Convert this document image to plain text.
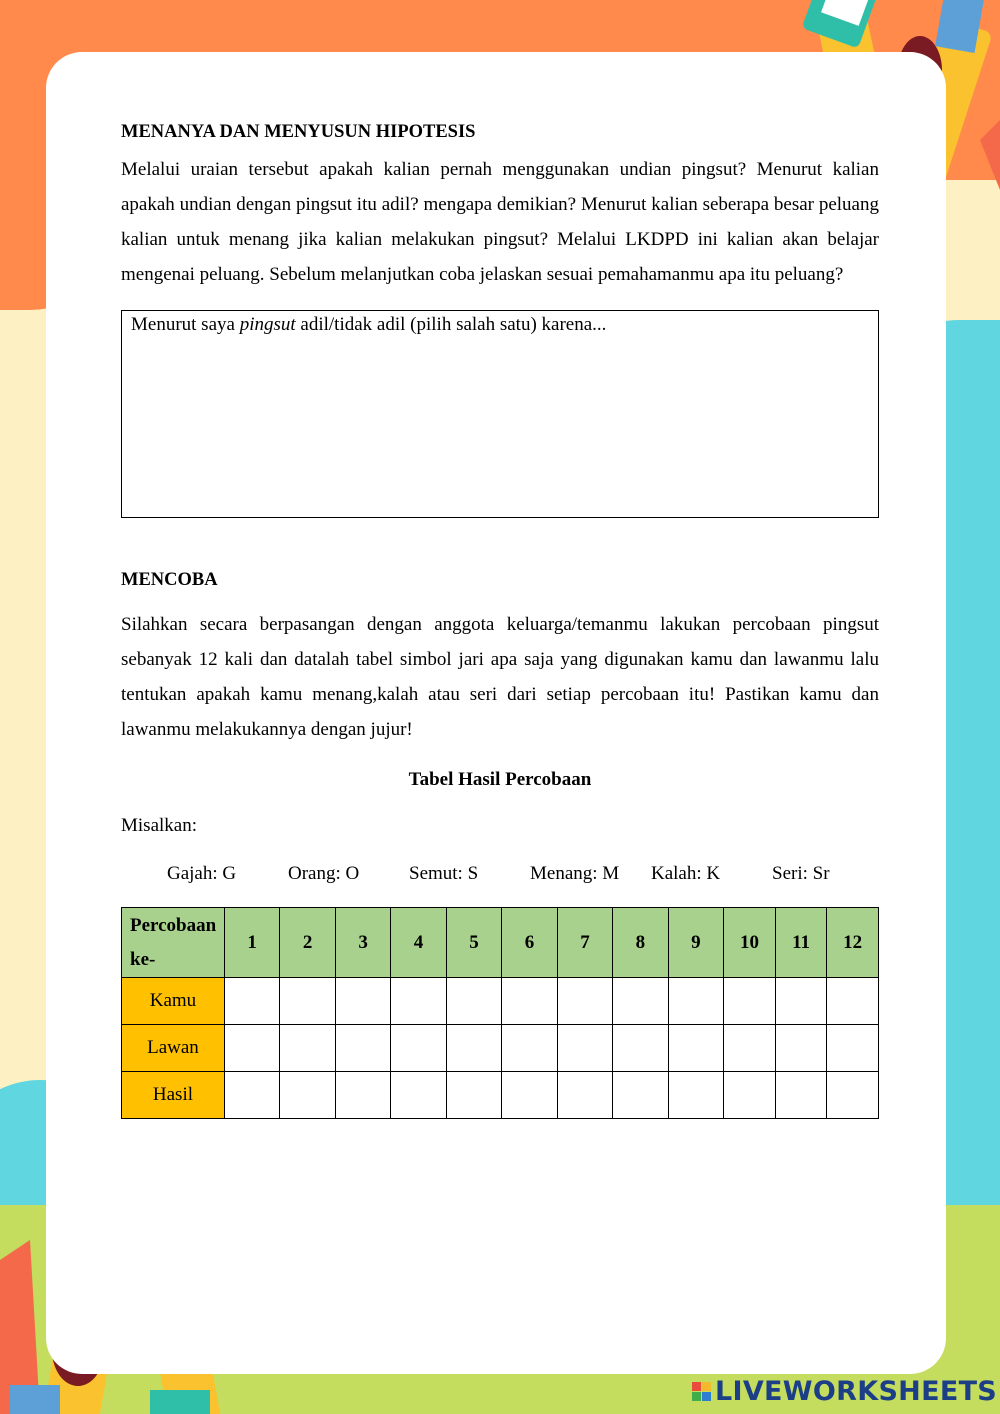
MENANYA DAN MENYUSUN HIPOTESIS

Melalui uraian tersebut apakah kalian pernah menggunakan undian pingsut? Menurut kalian apakah undian dengan pingsut itu adil? mengapa demikian? Menurut kalian seberapa besar peluang kalian untuk menang jika kalian melakukan pingsut? Melalui LKDPD ini kalian akan belajar mengenai peluang. Sebelum melanjutkan coba jelaskan sesuai pemahamanmu apa itu peluang?

Menurut saya pingsut adil/tidak adil (pilih salah satu) karena...

MENCOBA

Silahkan secara berpasangan dengan anggota keluarga/temanmu lakukan percobaan pingsut sebanyak 12 kali dan datalah tabel simbol jari apa saja yang digunakan kamu dan lawanmu lalu tentukan apakah kamu menang,kalah atau seri dari setiap percobaan itu! Pastikan kamu dan lawanmu melakukannya dengan jujur!

Tabel Hasil Percobaan
Misalkan:
Gajah: G	Orang: O	Semut: S	Menang: M	Kalah: K	Seri: Sr
Percobaan
ke-	1	2	3	4	5	6	7	8	9	10	11	12
Kamu												
Lawan												
Hasil												
LIVEWORKSHEETS
